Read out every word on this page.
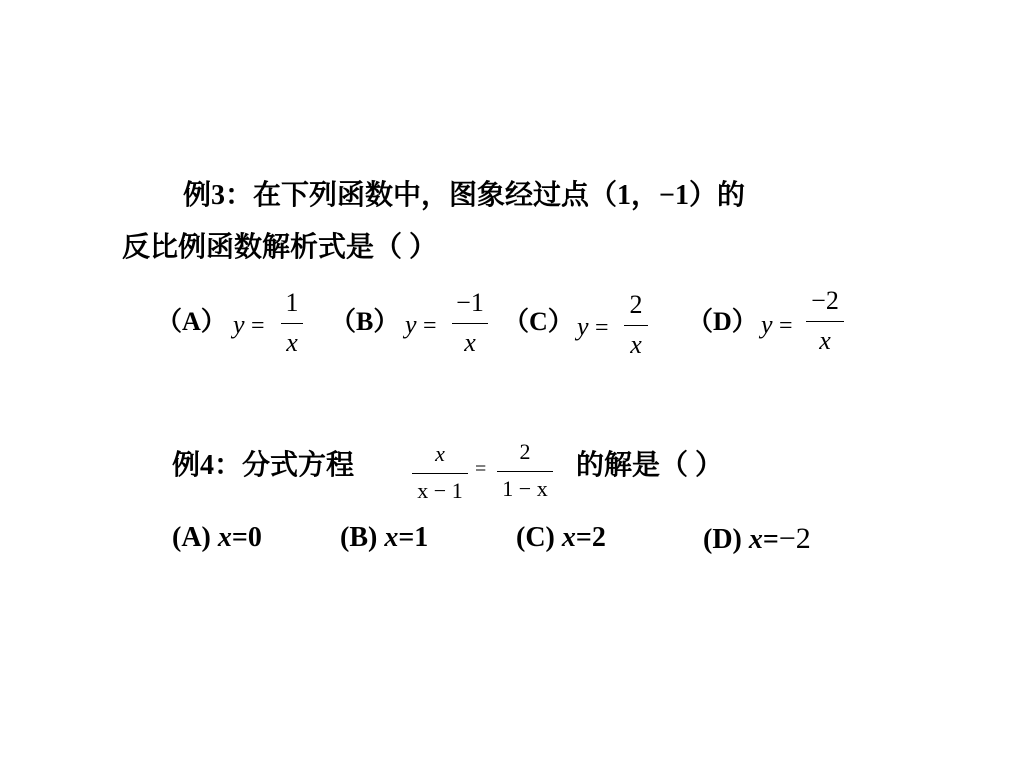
例3：在下列函数中，图象经过点（1，−1）的
反比例函数解析式是（ ）
（A） y =
1
x
（B） y =
−1
x
（C） y =
2
x
（D） y =
−2
x
例4：分式方程	x
x − 1
=
2
1 − x
的解是（ ）
(A) x=0	(B) x=1	(C) x=2	(D) x=−2
